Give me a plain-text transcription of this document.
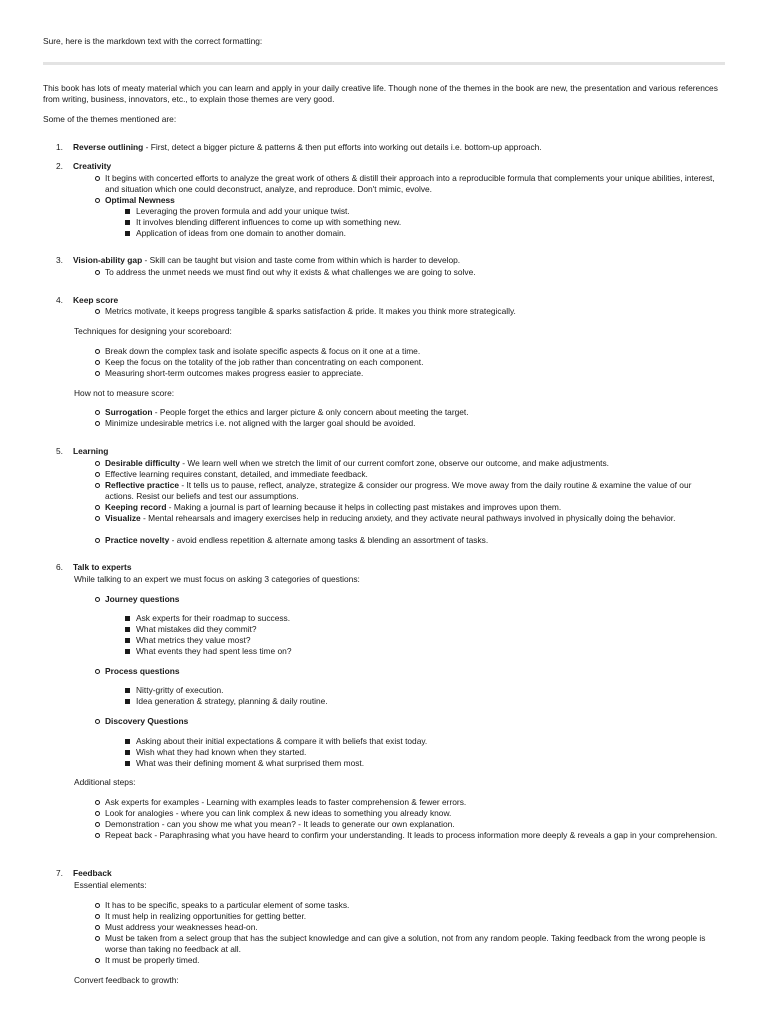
Sure, here is the markdown text with the correct formatting:

This book has lots of meaty material which you can learn and apply in your daily creative life. Though none of the themes in the book are new, the presentation and various references from writing, business, innovators, etc., to explain those themes are very good.

Some of the themes mentioned are:

1. Reverse outlining - First, detect a bigger picture & patterns & then put efforts into working out details i.e. bottom-up approach.

2. Creativity

It begins with concerted efforts to analyze the great work of others & distill their approach into a reproducible formula that complements your unique abilities, interest, and situation which one could deconstruct, analyze, and reproduce. Don't mimic, evolve.

Optimal Newness

Leveraging the proven formula and add your unique twist.

It involves blending different influences to come up with something new.

Application of ideas from one domain to another domain.

3. Vision-ability gap - Skill can be taught but vision and taste come from within which is harder to develop.

To address the unmet needs we must find out why it exists & what challenges we are going to solve.

4. Keep score

Metrics motivate, it keeps progress tangible & sparks satisfaction & pride. It makes you think more strategically.

Techniques for designing your scoreboard:

Break down the complex task and isolate specific aspects & focus on it one at a time.

Keep the focus on the totality of the job rather than concentrating on each component.

Measuring short-term outcomes makes progress easier to appreciate.

How not to measure score:

Surrogation - People forget the ethics and larger picture & only concern about meeting the target.

Minimize undesirable metrics i.e. not aligned with the larger goal should be avoided.

5. Learning

Desirable difficulty - We learn well when we stretch the limit of our current comfort zone, observe our outcome, and make adjustments.

Effective learning requires constant, detailed, and immediate feedback.

Reflective practice - It tells us to pause, reflect, analyze, strategize & consider our progress. We move away from the daily routine & examine the value of our actions. Resist our beliefs and test our assumptions.

Keeping record - Making a journal is part of learning because it helps in collecting past mistakes and improves upon them.

Visualize - Mental rehearsals and imagery exercises help in reducing anxiety, and they activate neural pathways involved in physically doing the behavior.

Practice novelty - avoid endless repetition & alternate among tasks & blending an assortment of tasks.

6. Talk to experts

While talking to an expert we must focus on asking 3 categories of questions:

Journey questions

Ask experts for their roadmap to success.

What mistakes did they commit?

What metrics they value most?

What events they had spent less time on?

Process questions

Nitty-gritty of execution.

Idea generation & strategy, planning & daily routine.

Discovery Questions

Asking about their initial expectations & compare it with beliefs that exist today.

Wish what they had known when they started.

What was their defining moment & what surprised them most.

Additional steps:

Ask experts for examples - Learning with examples leads to faster comprehension & fewer errors.

Look for analogies - where you can link complex & new ideas to something you already know.

Demonstration - can you show me what you mean? - It leads to generate our own explanation.

Repeat back - Paraphrasing what you have heard to confirm your understanding. It leads to process information more deeply & reveals a gap in your comprehension.

7. Feedback

Essential elements:

It has to be specific, speaks to a particular element of some tasks.

It must help in realizing opportunities for getting better.

Must address your weaknesses head-on.

Must be taken from a select group that has the subject knowledge and can give a solution, not from any random people. Taking feedback from the wrong people is worse than taking no feedback at all.

It must be properly timed.

Convert feedback to growth:
